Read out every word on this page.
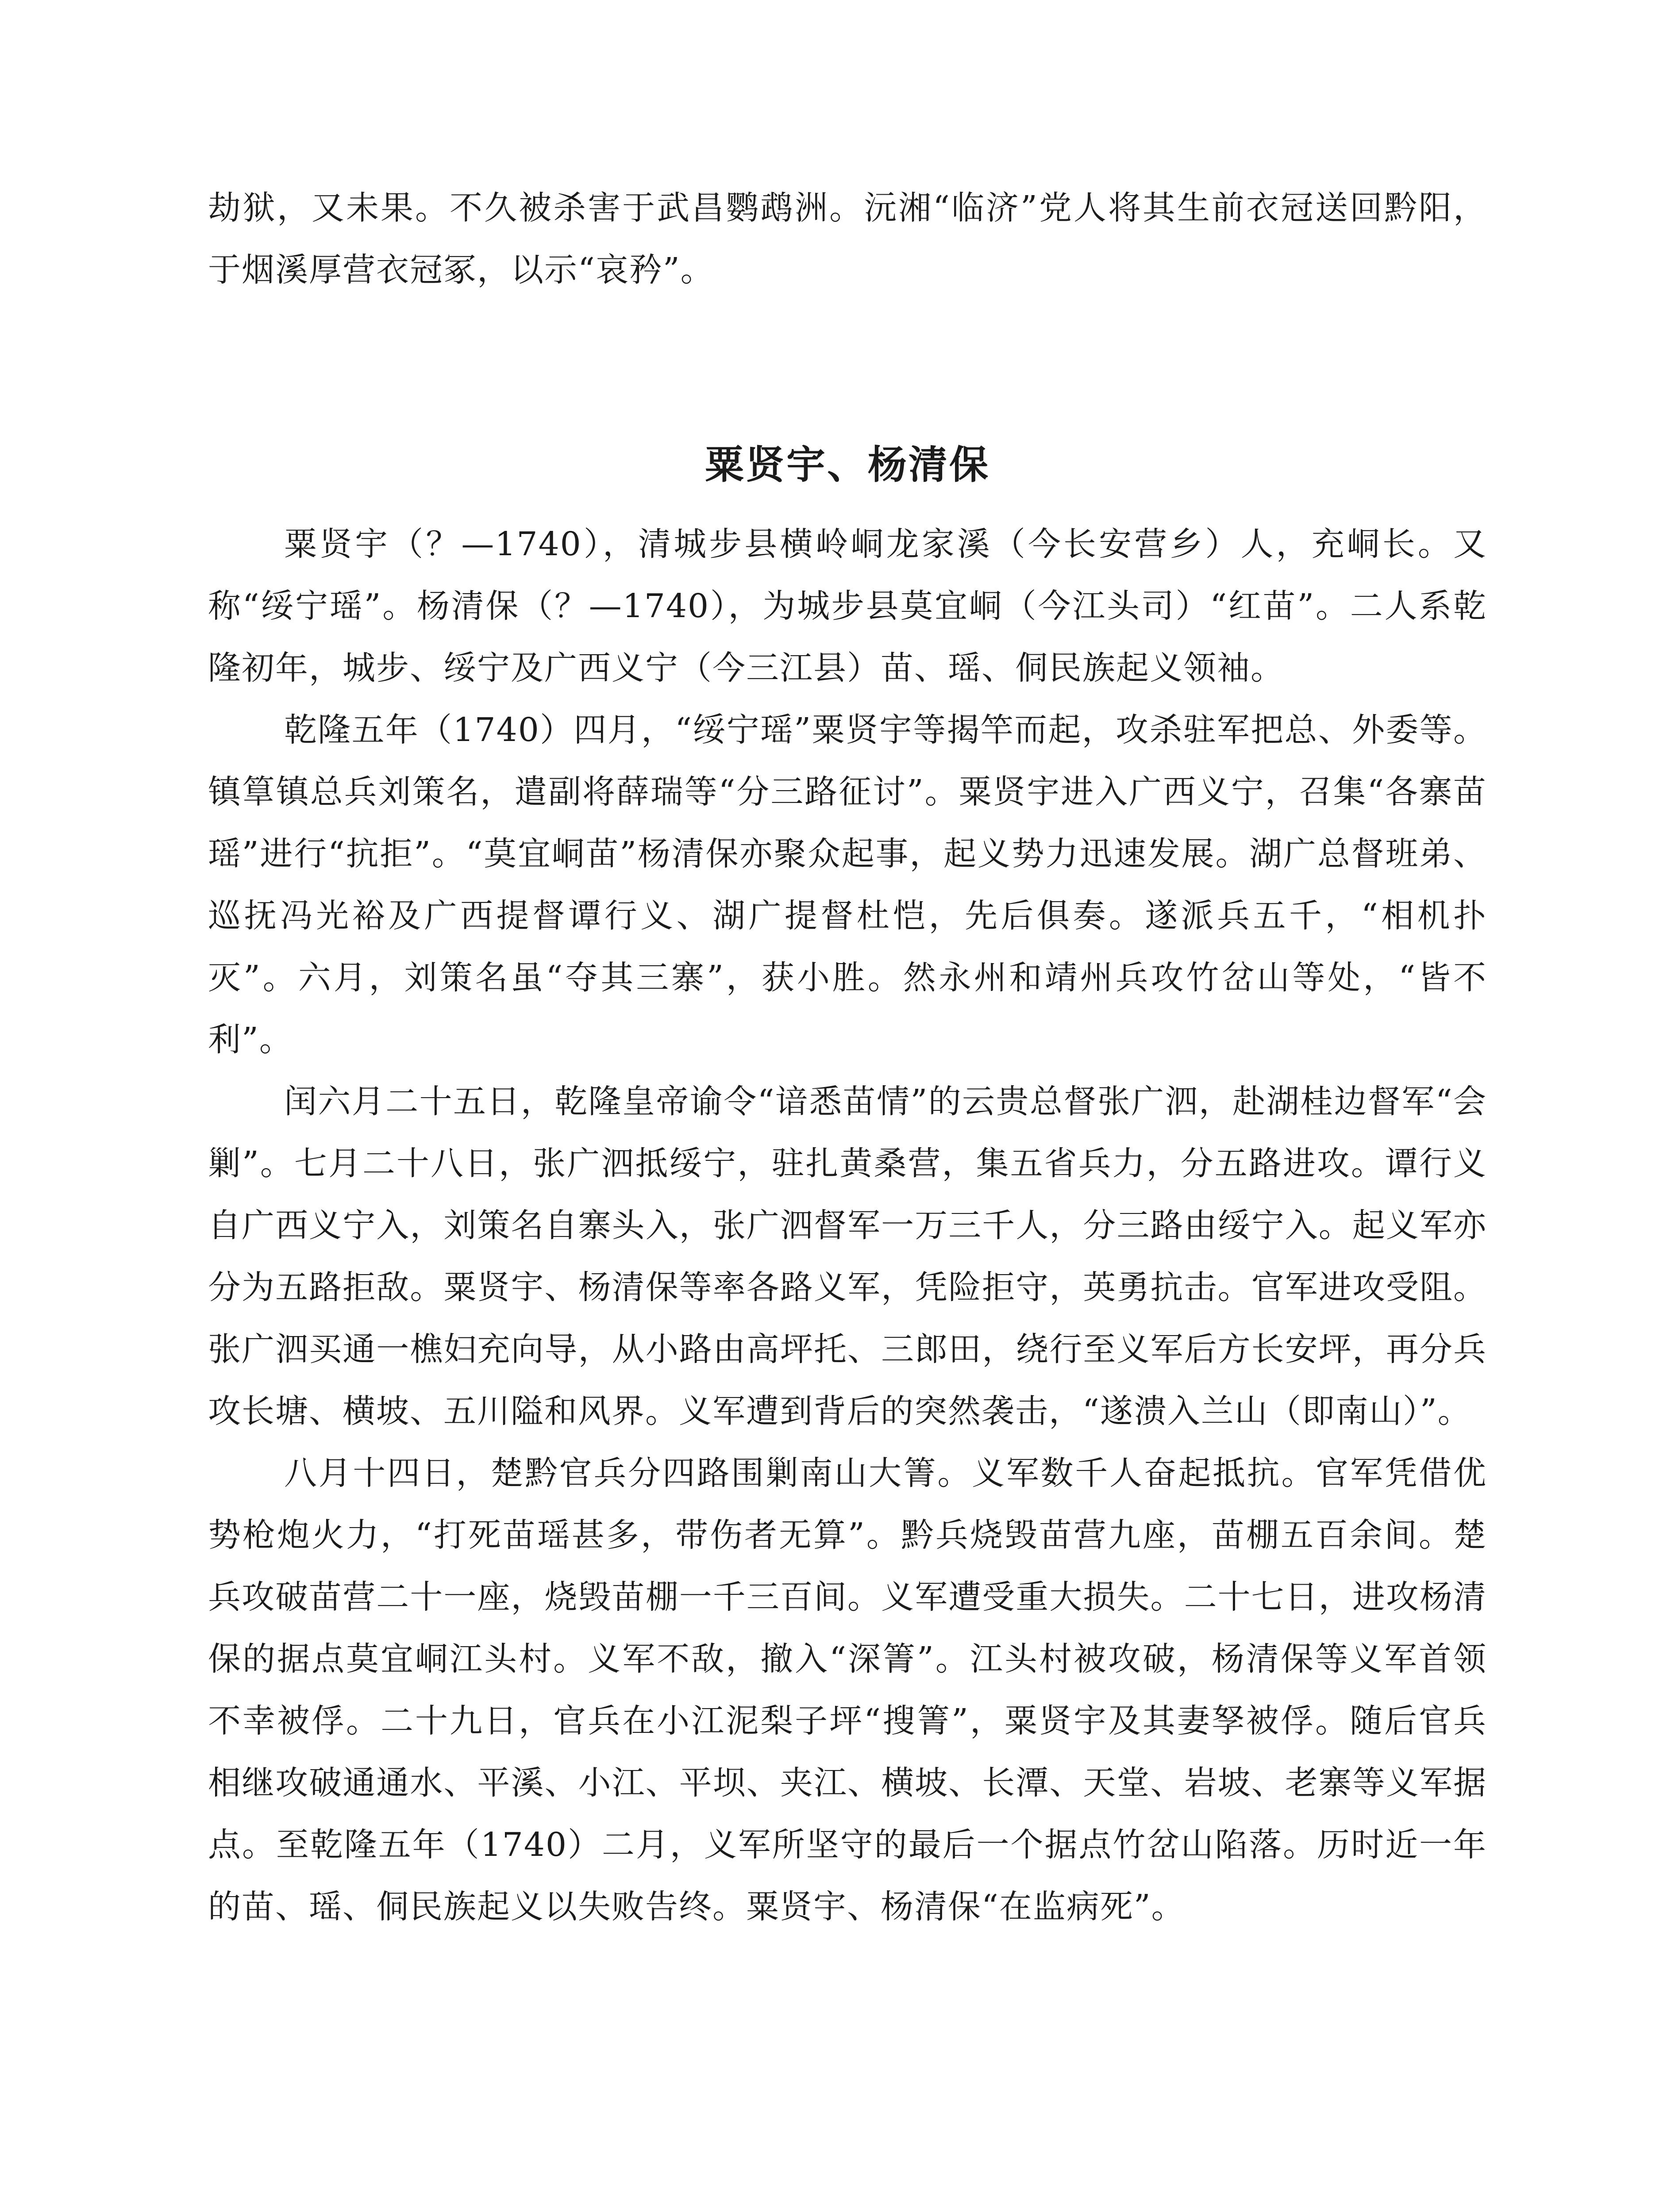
劫狱，又未果。不久被杀害于武昌鹦鹉洲。沅湘“临济”党人将其生前衣冠送回黔阳，于烟溪厚营衣冠冢，以示“哀矜”。

粟贤宇、杨清保

粟贤宇（？—1740），清城步县横岭峒龙家溪（今长安营乡）人，充峒长。又称“绥宁瑶”。杨清保（？—1740），为城步县莫宜峒（今江头司）“红苗”。二人系乾隆初年，城步、绥宁及广西义宁（今三江县）苗、瑶、侗民族起义领袖。

乾隆五年（1740）四月，“绥宁瑶”粟贤宇等揭竿而起，攻杀驻军把总、外委等。镇筸镇总兵刘策名，遣副将薛瑞等“分三路征讨”。粟贤宇进入广西义宁，召集“各寨苗瑶”进行“抗拒”。“莫宜峒苗”杨清保亦聚众起事，起义势力迅速发展。湖广总督班弟、巡抚冯光裕及广西提督谭行义、湖广提督杜恺，先后俱奏。遂派兵五千，“相机扑灭”。六月，刘策名虽“夺其三寨”，获小胜。然永州和靖州兵攻竹岔山等处，“皆不利”。

闰六月二十五日，乾隆皇帝谕令“谙悉苗情”的云贵总督张广泗，赴湖桂边督军“会剿”。七月二十八日，张广泗抵绥宁，驻扎黄桑营，集五省兵力，分五路进攻。谭行义自广西义宁入，刘策名自寨头入，张广泗督军一万三千人，分三路由绥宁入。起义军亦分为五路拒敌。粟贤宇、杨清保等率各路义军，凭险拒守，英勇抗击。官军进攻受阻。张广泗买通一樵妇充向导，从小路由高坪托、三郎田，绕行至义军后方长安坪，再分兵攻长塘、横坡、五川隘和风界。义军遭到背后的突然袭击，“遂溃入兰山（即南山）”。

八月十四日，楚黔官兵分四路围剿南山大箐。义军数千人奋起抵抗。官军凭借优势枪炮火力，“打死苗瑶甚多，带伤者无算”。黔兵烧毁苗营九座，苗棚五百余间。楚兵攻破苗营二十一座，烧毁苗棚一千三百间。义军遭受重大损失。二十七日，进攻杨清保的据点莫宜峒江头村。义军不敌，撤入“深箐”。江头村被攻破，杨清保等义军首领不幸被俘。二十九日，官兵在小江泥梨子坪“搜箐”，粟贤宇及其妻孥被俘。随后官兵相继攻破通通水、平溪、小江、平坝、夹江、横坡、长潭、天堂、岩坡、老寨等义军据点。至乾隆五年（1740）二月，义军所坚守的最后一个据点竹岔山陷落。历时近一年的苗、瑶、侗民族起义以失败告终。粟贤宇、杨清保“在监病死”。
